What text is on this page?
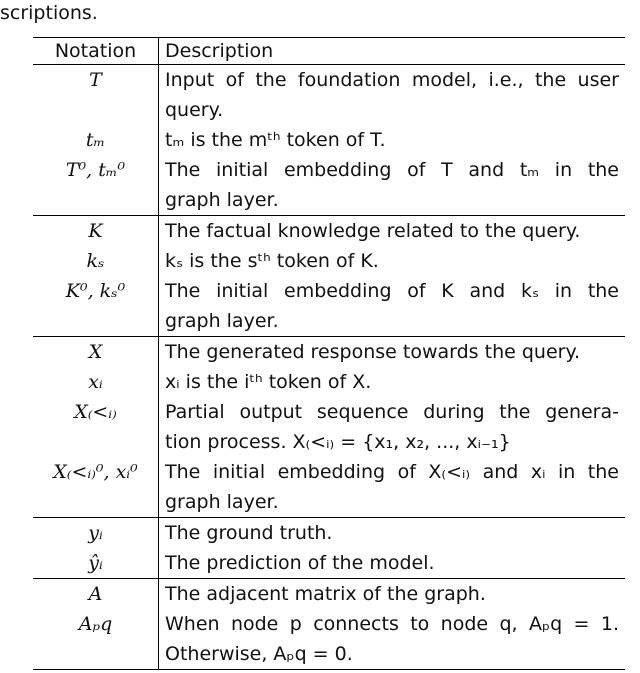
scriptions.
Notation	Description

T	Input of the foundation model, i.e., the user
query.

tₘ	tₘ is the mᵗʰ token of T.

T⁰, tₘ⁰	The initial embedding of T and tₘ in the
graph layer.

K	The factual knowledge related to the query.

kₛ	kₛ is the sᵗʰ token of K.

K⁰, kₛ⁰	The initial embedding of K and kₛ in the
graph layer.

X	The generated response towards the query.

xᵢ	xᵢ is the iᵗʰ token of X.

X₍<ᵢ₎	Partial output sequence during the genera-
tion process. X₍<ᵢ₎ = {x₁, x₂, ..., xᵢ₋₁}

X₍<ᵢ₎⁰, xᵢ⁰	The initial embedding of X₍<ᵢ₎ and xᵢ in the
graph layer.

yᵢ	The ground truth.

ŷᵢ	The prediction of the model.

A	The adjacent matrix of the graph.

Aₚq	When node p connects to node q, Aₚq = 1.
Otherwise, Aₚq = 0.
